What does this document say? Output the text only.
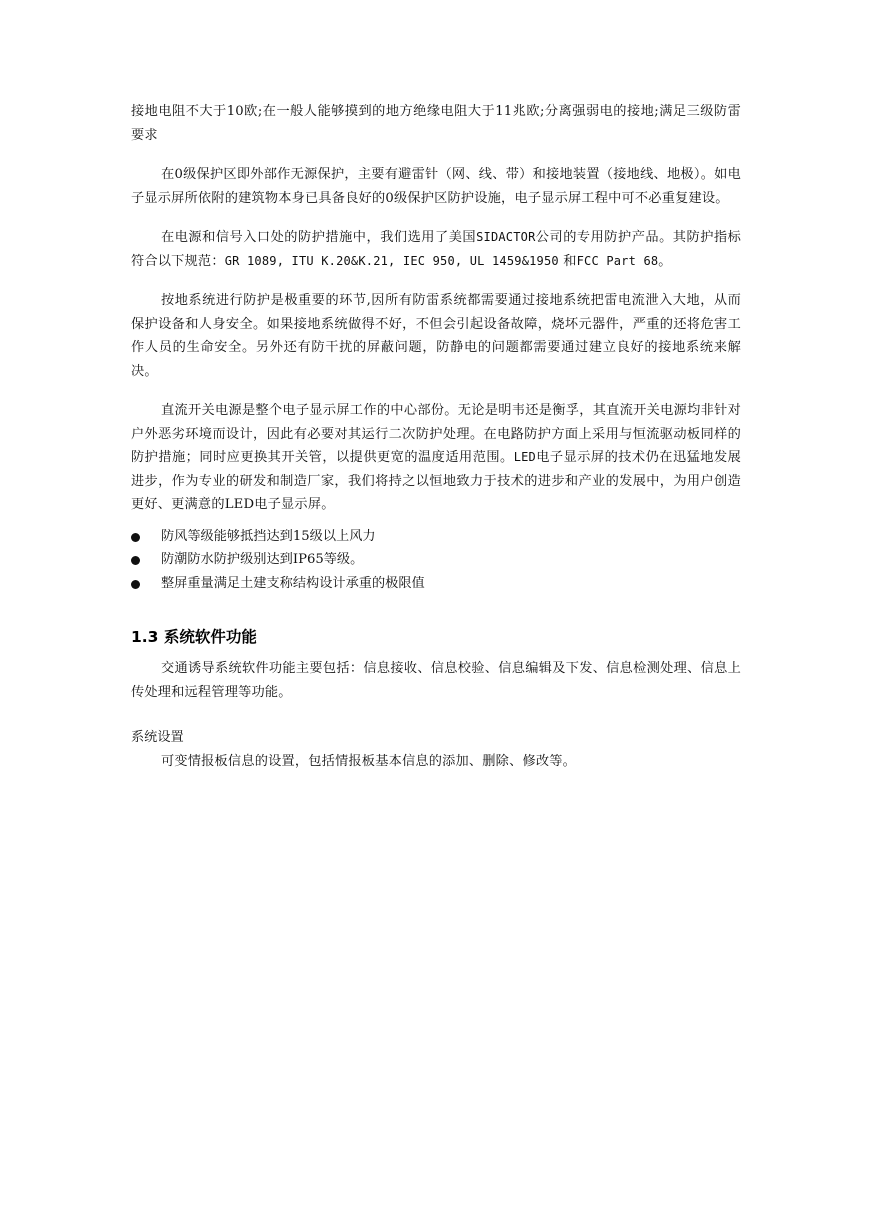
接地电阻不大于10欧;在一般人能够摸到的地方绝缘电阻大于11兆欧;分离强弱电的接地;满足三级防雷要求

在0级保护区即外部作无源保护，主要有避雷针（网、线、带）和接地装置（接地线、地极）。如电子显示屏所依附的建筑物本身已具备良好的0级保护区防护设施，电子显示屏工程中可不必重复建设。

在电源和信号入口处的防护措施中，我们选用了美国SIDACTOR公司的专用防护产品。其防护指标符合以下规范：GR 1089, ITU K.20&K.21, IEC 950, UL 1459&1950 和FCC Part 68。

按地系统进行防护是极重要的环节,因所有防雷系统都需要通过接地系统把雷电流泄入大地，从而保护设备和人身安全。如果接地系统做得不好，不但会引起设备故障，烧坏元器件，严重的还将危害工作人员的生命安全。另外还有防干扰的屏蔽问题，防静电的问题都需要通过建立良好的接地系统来解决。

直流开关电源是整个电子显示屏工作的中心部份。无论是明韦还是衡孚，其直流开关电源均非针对户外恶劣环境而设计，因此有必要对其运行二次防护处理。在电路防护方面上采用与恒流驱动板同样的防护措施；同时应更换其开关管，以提供更宽的温度适用范围。LED电子显示屏的技术仍在迅猛地发展进步，作为专业的研发和制造厂家，我们将持之以恒地致力于技术的进步和产业的发展中，为用户创造更好、更满意的LED电子显示屏。

防风等级能够抵挡达到15级以上风力
防潮防水防护级别达到IP65等级。
整屏重量满足土建支称结构设计承重的极限值
1.3 系统软件功能

交通诱导系统软件功能主要包括：信息接收、信息校验、信息编辑及下发、信息检测处理、信息上传处理和远程管理等功能。

系统设置

可变情报板信息的设置，包括情报板基本信息的添加、删除、修改等。
